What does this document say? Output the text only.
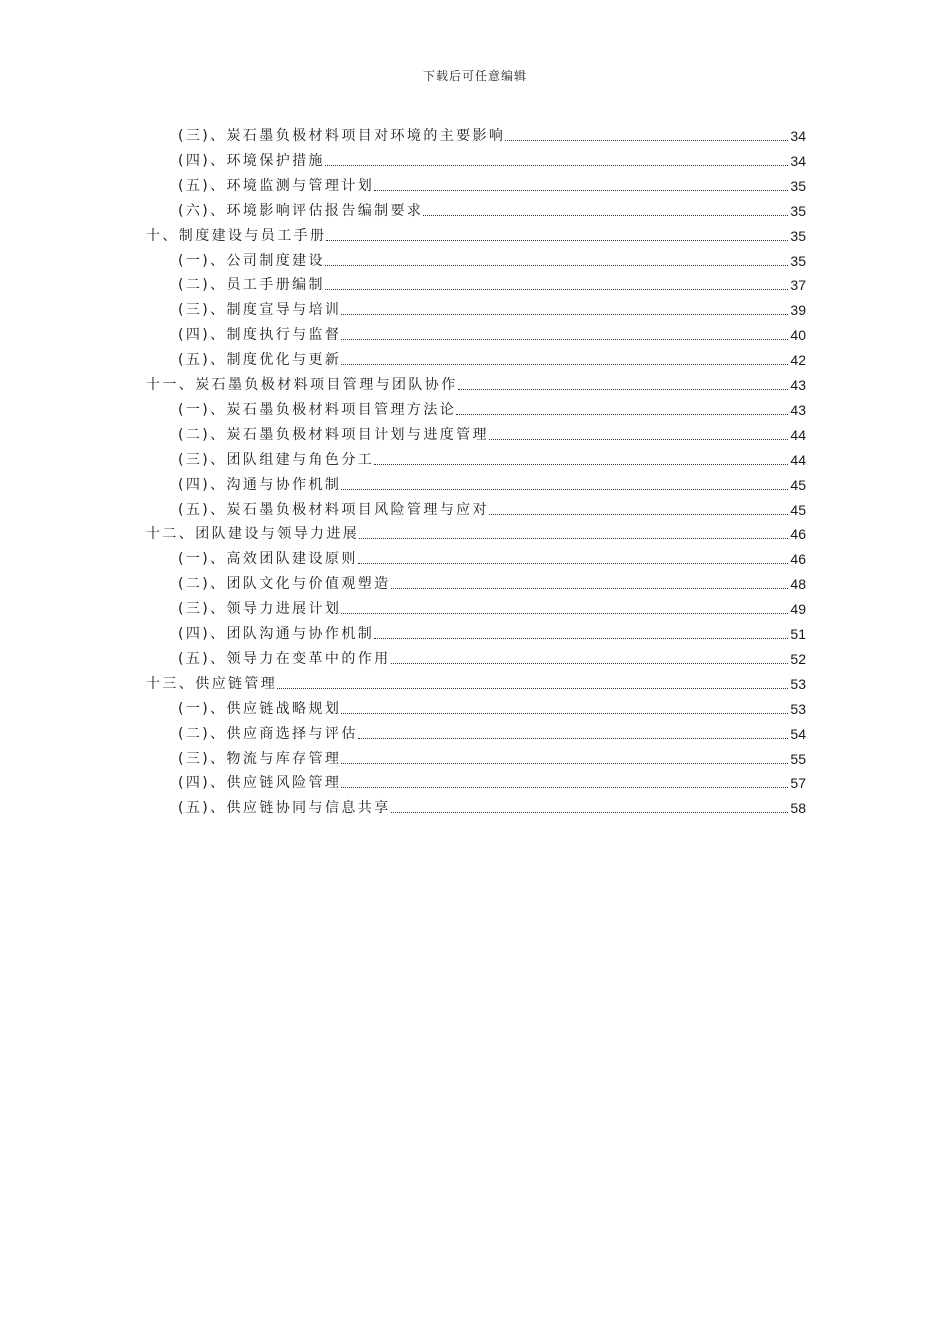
下载后可任意编辑
(三)、炭石墨负极材料项目对环境的主要影响	34
(四)、环境保护措施	34
(五)、环境监测与管理计划	35
(六)、环境影响评估报告编制要求	35
十、制度建设与员工手册	35
(一)、公司制度建设	35
(二)、员工手册编制	37
(三)、制度宣导与培训	39
(四)、制度执行与监督	40
(五)、制度优化与更新	42
十一、炭石墨负极材料项目管理与团队协作	43
(一)、炭石墨负极材料项目管理方法论	43
(二)、炭石墨负极材料项目计划与进度管理	44
(三)、团队组建与角色分工	44
(四)、沟通与协作机制	45
(五)、炭石墨负极材料项目风险管理与应对	45
十二、团队建设与领导力进展	46
(一)、高效团队建设原则	46
(二)、团队文化与价值观塑造	48
(三)、领导力进展计划	49
(四)、团队沟通与协作机制	51
(五)、领导力在变革中的作用	52
十三、供应链管理	53
(一)、供应链战略规划	53
(二)、供应商选择与评估	54
(三)、物流与库存管理	55
(四)、供应链风险管理	57
(五)、供应链协同与信息共享	58
